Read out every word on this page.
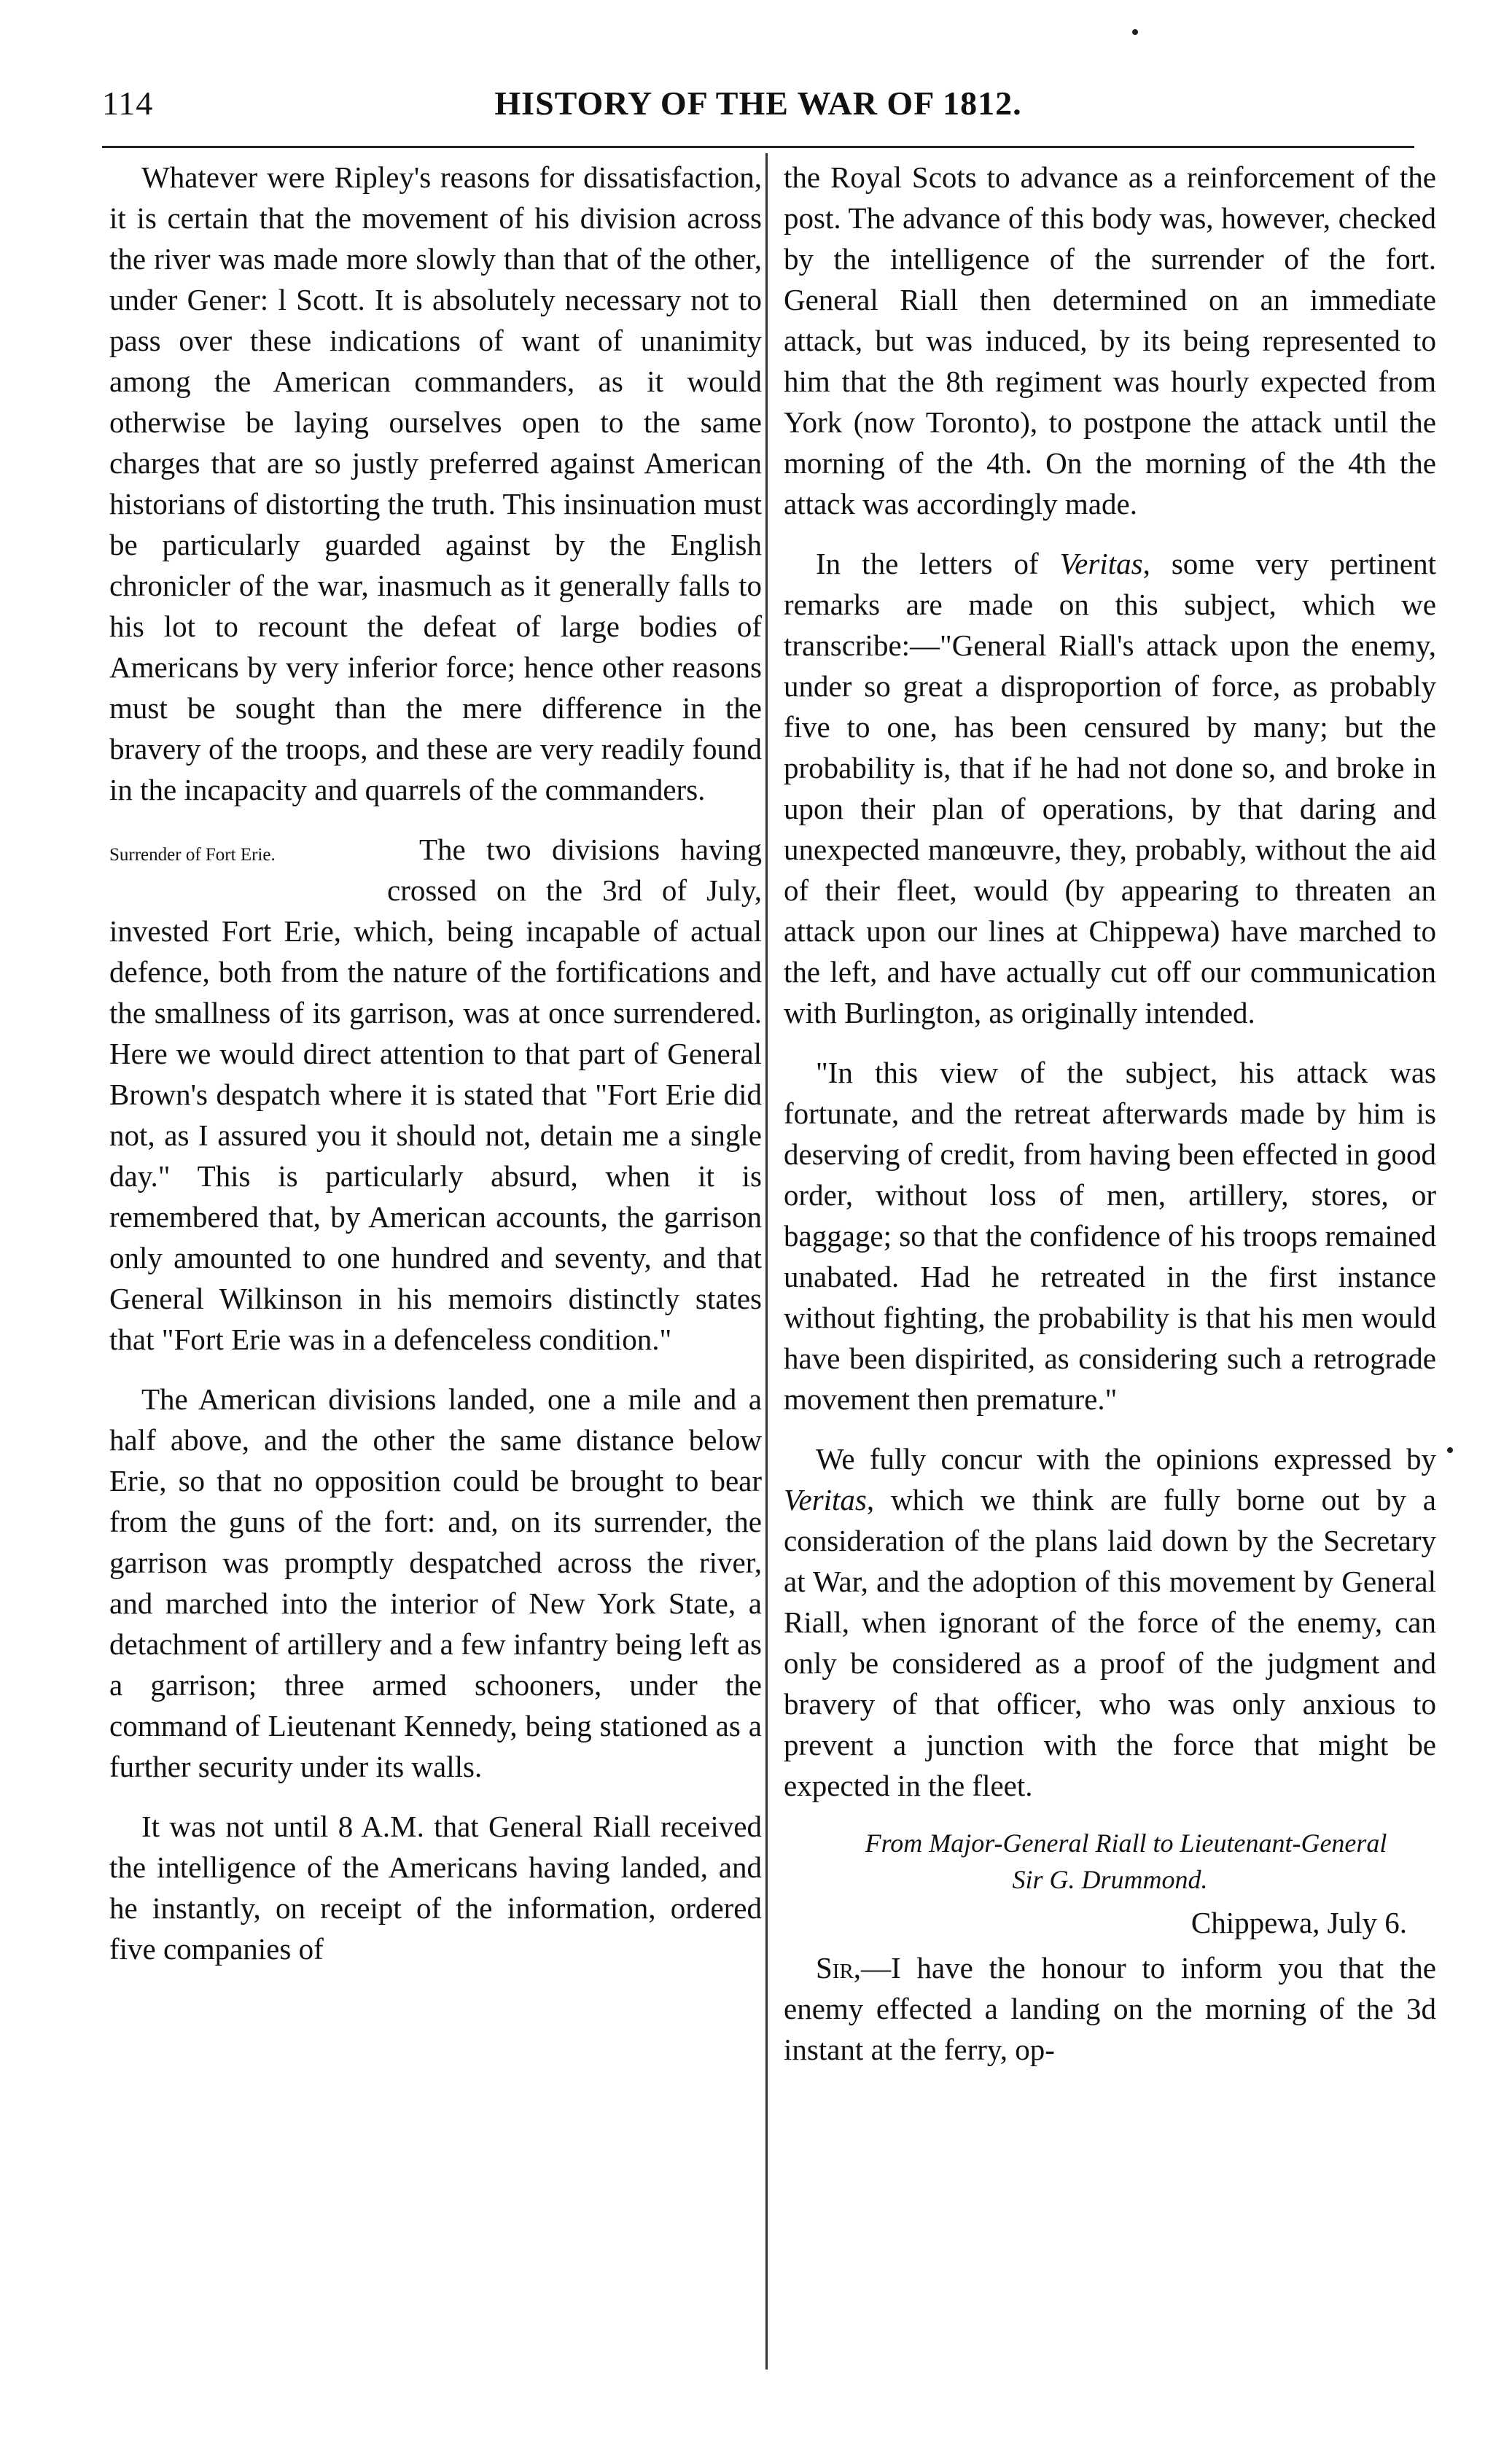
114	HISTORY OF THE WAR OF 1812.

Whatever were Ripley's reasons for dissatisfaction, it is certain that the movement of his division across the river was made more slowly than that of the other, under Gener: l Scott. It is absolutely necessary not to pass over these indications of want of unanimity among the American commanders, as it would otherwise be laying ourselves open to the same charges that are so justly preferred against American historians of distorting the truth. This insinuation must be particularly guarded against by the English chronicler of the war, inasmuch as it generally falls to his lot to recount the defeat of large bodies of Americans by very inferior force; hence other reasons must be sought than the mere difference in the bravery of the troops, and these are very readily found in the incapacity and quarrels of the commanders.

Surrender of Fort Erie.	The two divisions having crossed on the 3rd of July, invested Fort Erie, which, being incapable of actual defence, both from the nature of the fortifications and the smallness of its garrison, was at once surrendered. Here we would direct attention to that part of General Brown's despatch where it is stated that "Fort Erie did not, as I assured you it should not, detain me a single day." This is particularly absurd, when it is remembered that, by American accounts, the garrison only amounted to one hundred and seventy, and that General Wilkinson in his memoirs distinctly states that "Fort Erie was in a defenceless condition."

The American divisions landed, one a mile and a half above, and the other the same distance below Erie, so that no opposition could be brought to bear from the guns of the fort: and, on its surrender, the garrison was promptly despatched across the river, and marched into the interior of New York State, a detachment of artillery and a few infantry being left as a garrison; three armed schooners, under the command of Lieutenant Kennedy, being stationed as a further security under its walls.

It was not until 8 A.M. that General Riall received the intelligence of the Americans having landed, and he instantly, on receipt of the information, ordered five companies of

the Royal Scots to advance as a reinforcement of the post. The advance of this body was, however, checked by the intelligence of the surrender of the fort. General Riall then determined on an immediate attack, but was induced, by its being represented to him that the 8th regiment was hourly expected from York (now Toronto), to postpone the attack until the morning of the 4th. On the morning of the 4th the attack was accordingly made.

In the letters of Veritas, some very pertinent remarks are made on this subject, which we transcribe:—"General Riall's attack upon the enemy, under so great a disproportion of force, as probably five to one, has been censured by many; but the probability is, that if he had not done so, and broke in upon their plan of operations, by that daring and unexpected manœuvre, they, probably, without the aid of their fleet, would (by appearing to threaten an attack upon our lines at Chippewa) have marched to the left, and have actually cut off our communication with Burlington, as originally intended.

"In this view of the subject, his attack was fortunate, and the retreat afterwards made by him is deserving of credit, from having been effected in good order, without loss of men, artillery, stores, or baggage; so that the confidence of his troops remained unabated. Had he retreated in the first instance without fighting, the probability is that his men would have been dispirited, as considering such a retrograde movement then premature."

We fully concur with the opinions expressed by Veritas, which we think are fully borne out by a consideration of the plans laid down by the Secretary at War, and the adoption of this movement by General Riall, when ignorant of the force of the enemy, can only be considered as a proof of the judgment and bravery of that officer, who was only anxious to prevent a junction with the force that might be expected in the fleet.

From Major-General Riall to Lieutenant-General
Sir G. Drummond.

Chippewa, July 6.

Sir,—I have the honour to inform you that the enemy effected a landing on the morning of the 3d instant at the ferry, op-
